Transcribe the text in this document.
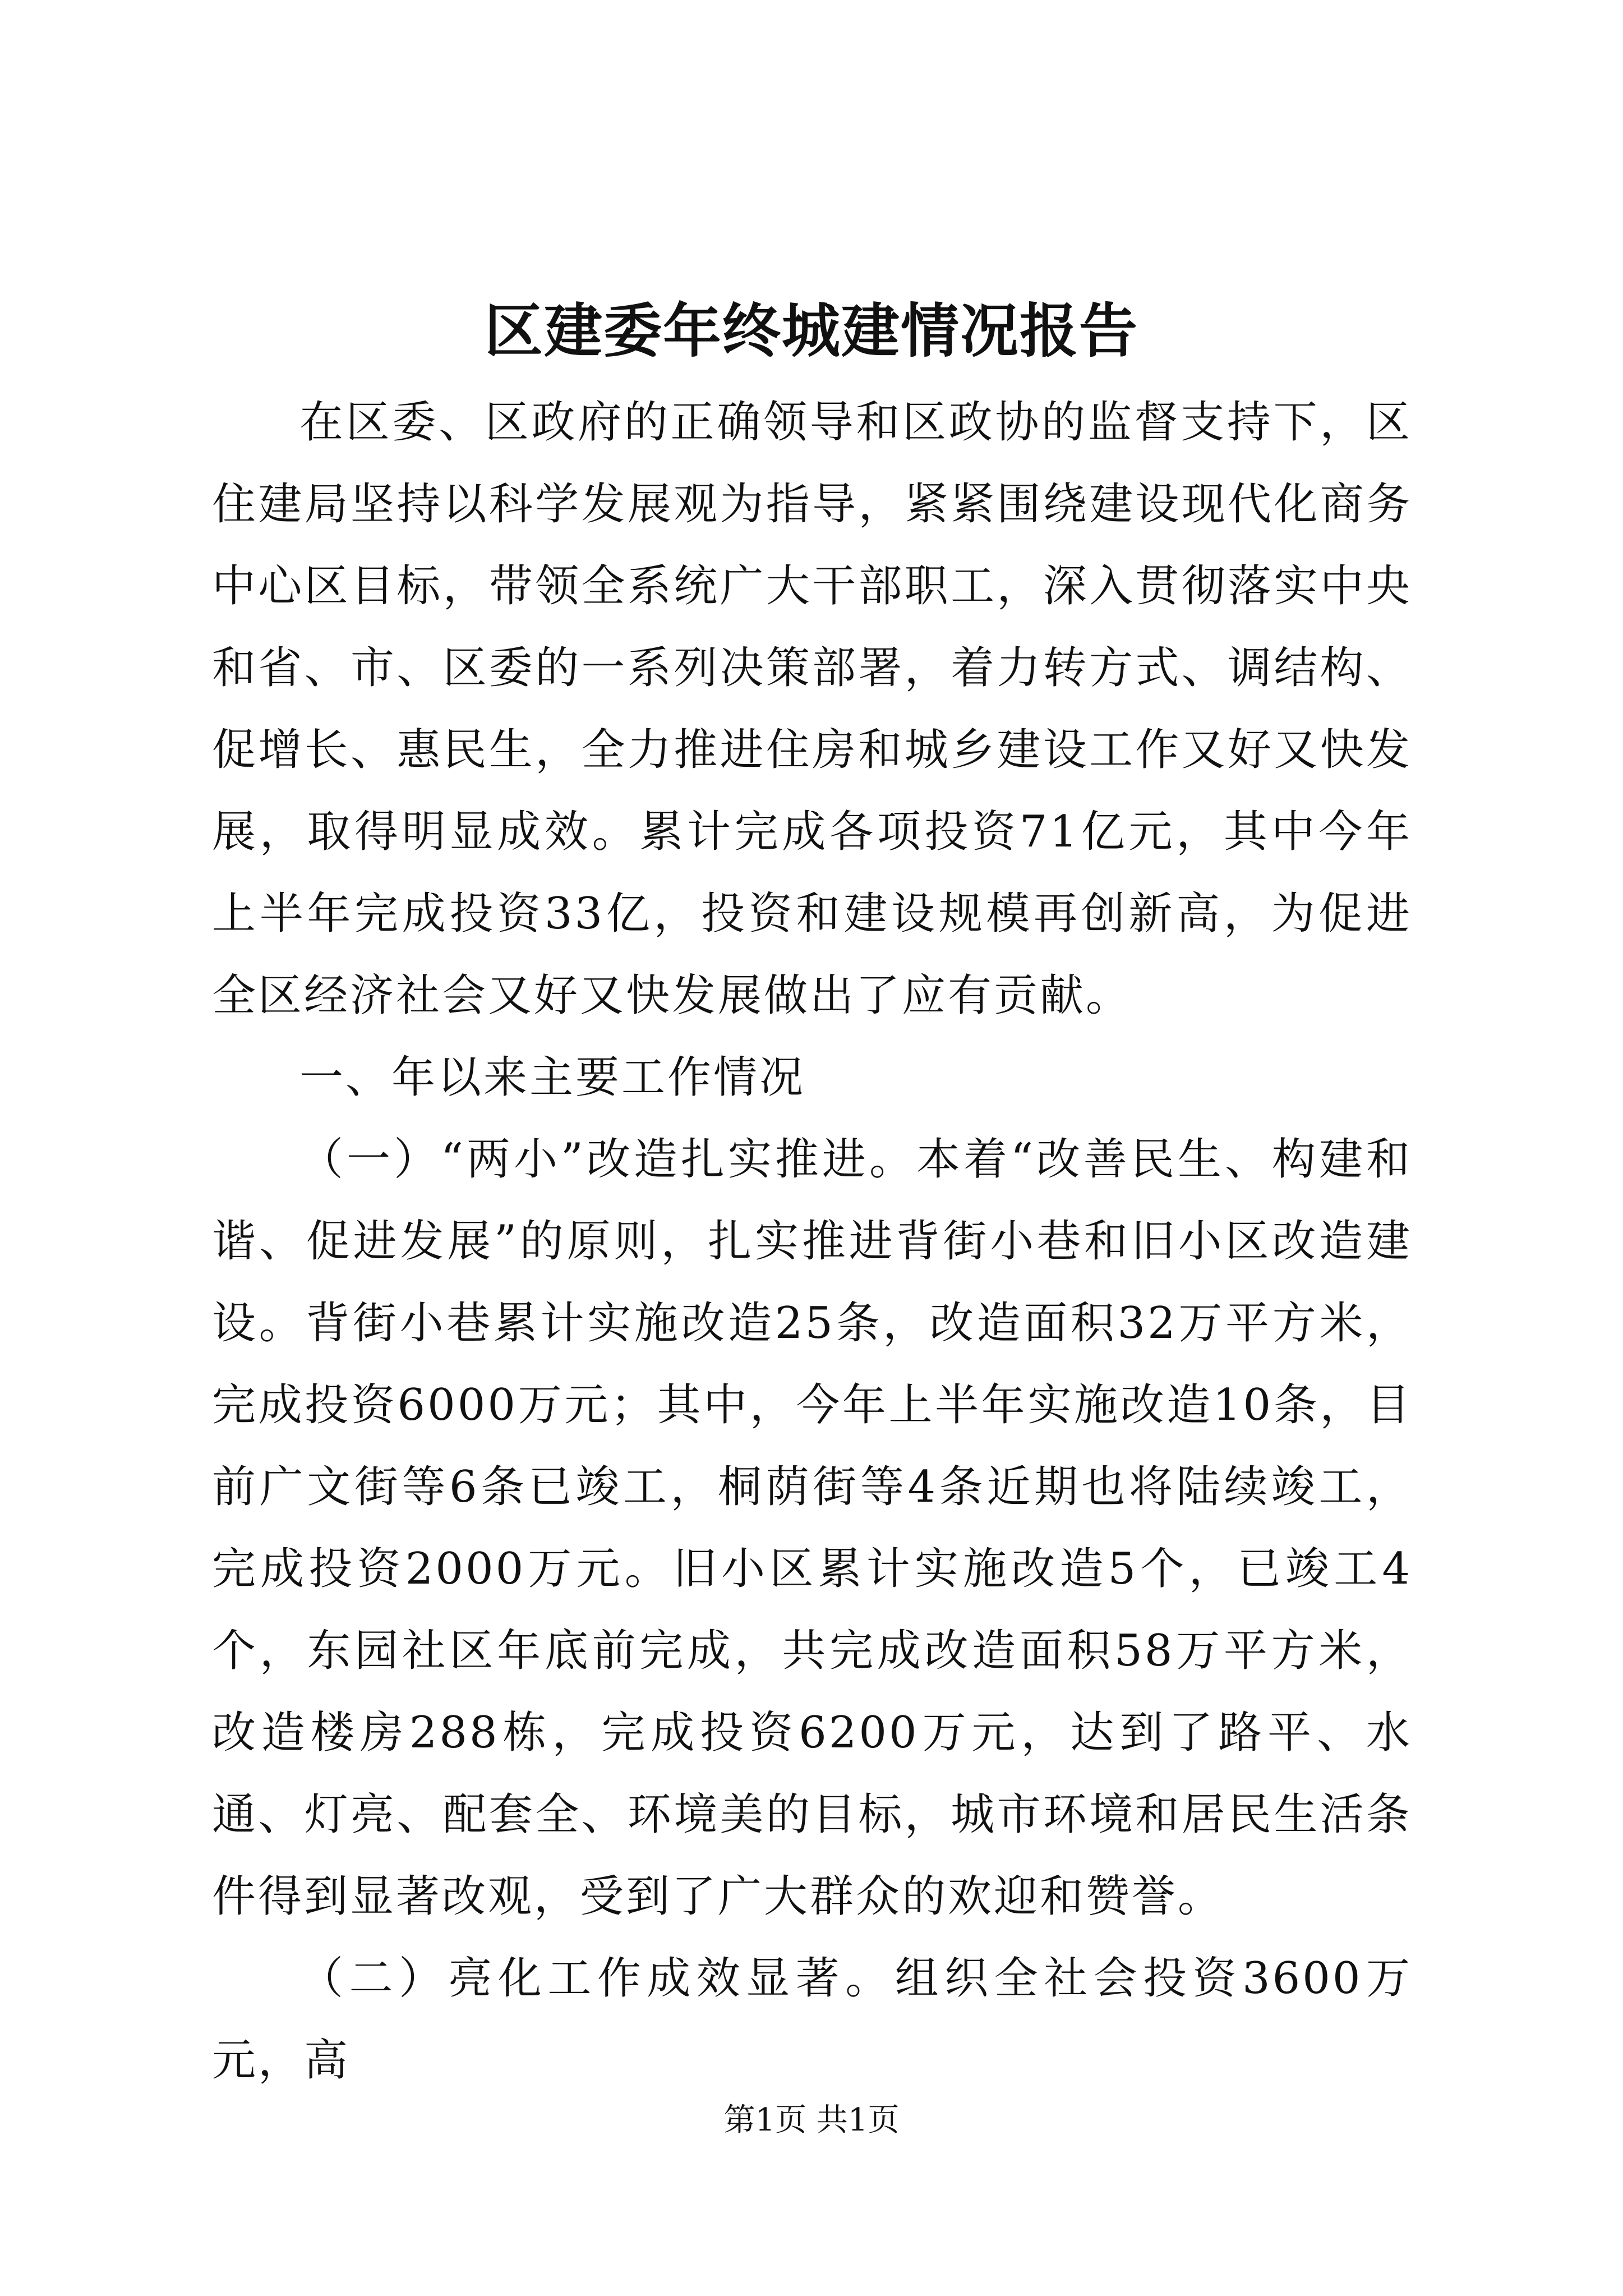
区建委年终城建情况报告

在区委、区政府的正确领导和区政协的监督支持下，区住建局坚持以科学发展观为指导，紧紧围绕建设现代化商务中心区目标，带领全系统广大干部职工，深入贯彻落实中央和省、市、区委的一系列决策部署，着力转方式、调结构、促增长、惠民生，全力推进住房和城乡建设工作又好又快发展，取得明显成效。累计完成各项投资71亿元，其中今年上半年完成投资33亿，投资和建设规模再创新高，为促进全区经济社会又好又快发展做出了应有贡献。

一、年以来主要工作情况

（一）“两小”改造扎实推进。本着“改善民生、构建和谐、促进发展”的原则，扎实推进背街小巷和旧小区改造建设。背街小巷累计实施改造25条，改造面积32万平方米，完成投资6000万元；其中，今年上半年实施改造10条，目前广文街等6条已竣工，桐荫街等4条近期也将陆续竣工，完成投资2000万元。旧小区累计实施改造5个，已竣工4个，东园社区年底前完成，共完成改造面积58万平方米，改造楼房288栋，完成投资6200万元，达到了路平、水通、灯亮、配套全、环境美的目标，城市环境和居民生活条件得到显著改观，受到了广大群众的欢迎和赞誉。

（二）亮化工作成效显著。组织全社会投资3600万元，高

第1页 共1页
